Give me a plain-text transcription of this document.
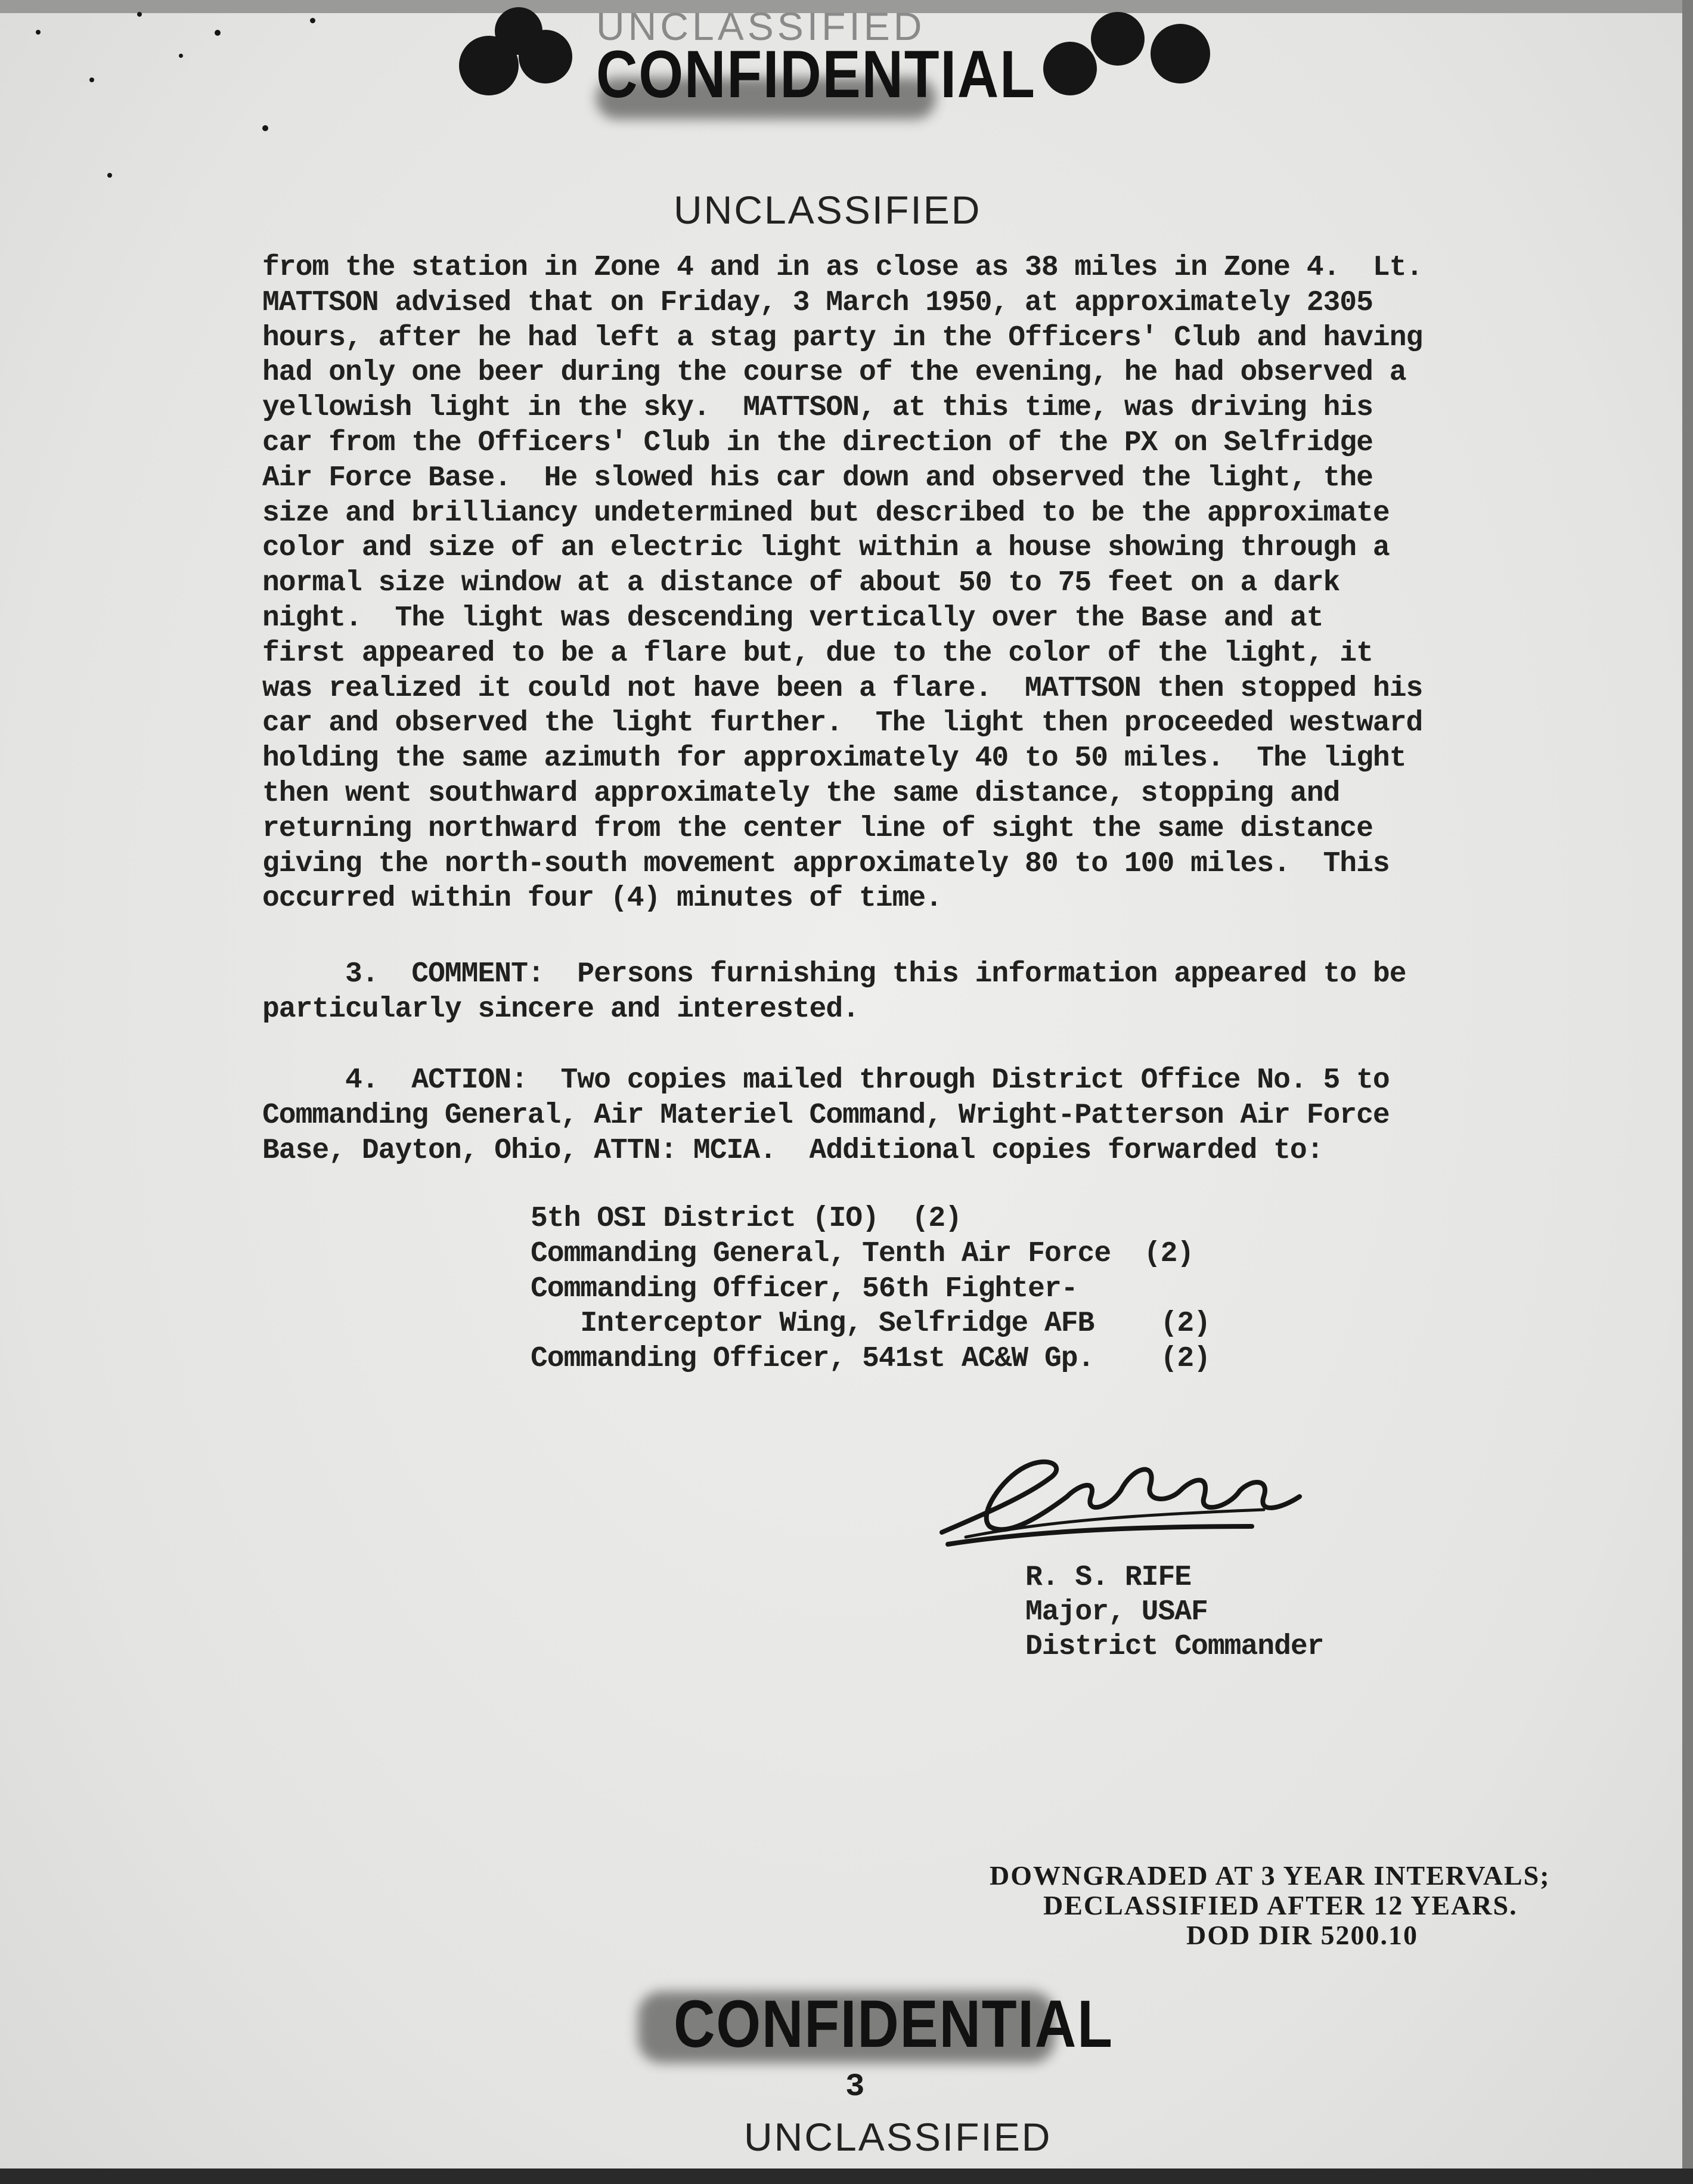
UNCLASSIFIED
CONFIDENTIAL
UNCLASSIFIED
from the station in Zone 4 and in as close as 38 miles in Zone 4.  Lt.
MATTSON advised that on Friday, 3 March 1950, at approximately 2305
hours, after he had left a stag party in the Officers' Club and having
had only one beer during the course of the evening, he had observed a
yellowish light in the sky.  MATTSON, at this time, was driving his
car from the Officers' Club in the direction of the PX on Selfridge
Air Force Base.  He slowed his car down and observed the light, the
size and brilliancy undetermined but described to be the approximate
color and size of an electric light within a house showing through a
normal size window at a distance of about 50 to 75 feet on a dark
night.  The light was descending vertically over the Base and at
first appeared to be a flare but, due to the color of the light, it
was realized it could not have been a flare.  MATTSON then stopped his
car and observed the light further.  The light then proceeded westward
holding the same azimuth for approximately 40 to 50 miles.  The light
then went southward approximately the same distance, stopping and
returning northward from the center line of sight the same distance
giving the north-south movement approximately 80 to 100 miles.  This
occurred within four (4) minutes of time.
3.  COMMENT:  Persons furnishing this information appeared to be
particularly sincere and interested.
4.  ACTION:  Two copies mailed through District Office No. 5 to
Commanding General, Air Materiel Command, Wright-Patterson Air Force
Base, Dayton, Ohio, ATTN: MCIA.  Additional copies forwarded to:
5th OSI District (IO)  (2)
Commanding General, Tenth Air Force  (2)
Commanding Officer, 56th Fighter-
Interceptor Wing, Selfridge AFB    (2)
Commanding Officer, 541st AC&W Gp.    (2)
R. S. RIFE
Major, USAF
District Commander
DOWNGRADED AT 3 YEAR INTERVALS;
DECLASSIFIED AFTER 12 YEARS.
DOD DIR 5200.10
CONFIDENTIAL
3
UNCLASSIFIED
